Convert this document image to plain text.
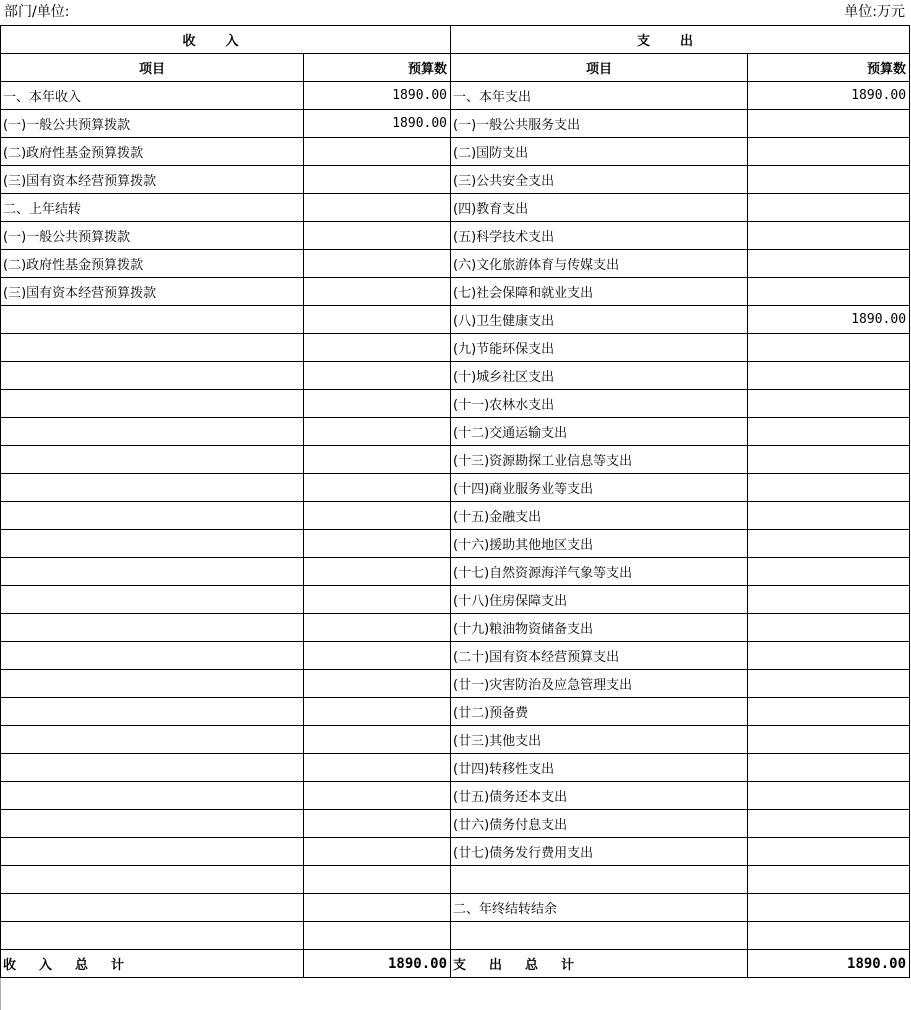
部门/单位:	单位:万元
收入		支出	
项目	预算数	项目	预算数
一、本年收入	1890.00	一、本年支出	1890.00
(一)一般公共预算拨款	1890.00	(一)一般公共服务支出	
(二)政府性基金预算拨款		(二)国防支出	
(三)国有资本经营预算拨款		(三)公共安全支出	
二、上年结转		(四)教育支出	
(一)一般公共预算拨款		(五)科学技术支出	
(二)政府性基金预算拨款		(六)文化旅游体育与传媒支出	
(三)国有资本经营预算拨款		(七)社会保障和就业支出	
		(八)卫生健康支出	1890.00
		(九)节能环保支出	
		(十)城乡社区支出	
		(十一)农林水支出	
		(十二)交通运输支出	
		(十三)资源勘探工业信息等支出	
		(十四)商业服务业等支出	
		(十五)金融支出	
		(十六)援助其他地区支出	
		(十七)自然资源海洋气象等支出	
		(十八)住房保障支出	
		(十九)粮油物资储备支出	
		(二十)国有资本经营预算支出	
		(廿一)灾害防治及应急管理支出	
		(廿二)预备费	
		(廿三)其他支出	
		(廿四)转移性支出	
		(廿五)债务还本支出	
		(廿六)债务付息支出	
		(廿七)债务发行费用支出	

		二、年终结转结余	

收入总计	1890.00	支出总计	1890.00
